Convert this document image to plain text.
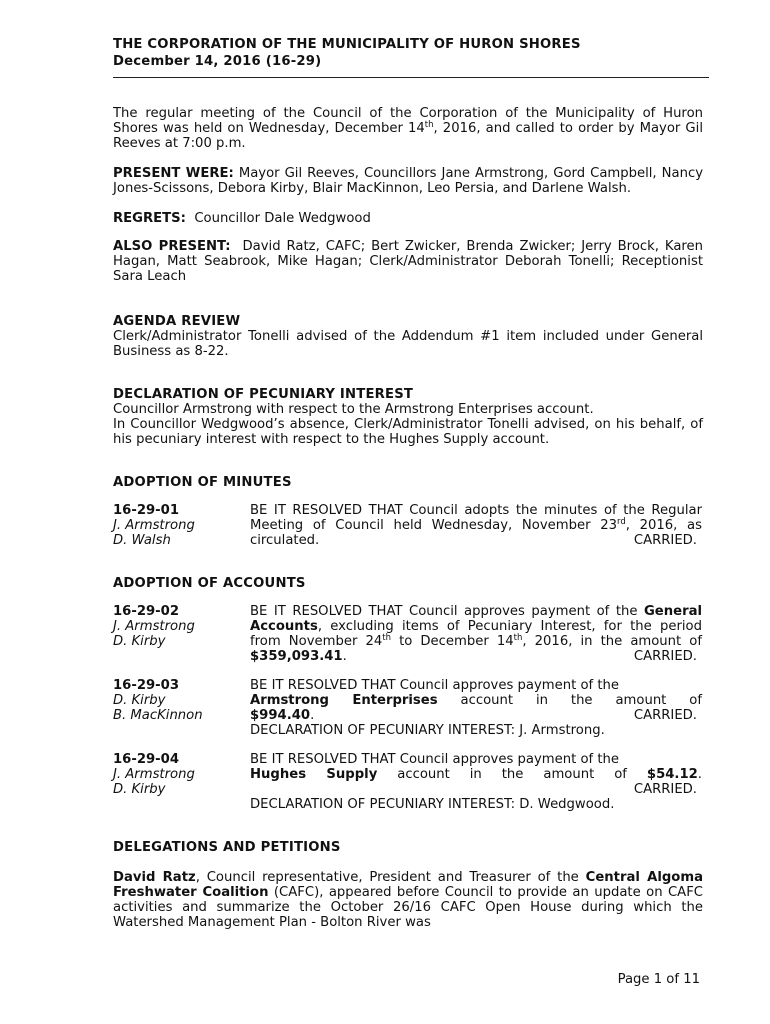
THE CORPORATION OF THE MUNICIPALITY OF HURON SHORES
December 14, 2016 (16-29)

The regular meeting of the Council of the Corporation of the Municipality of Huron Shores was held on Wednesday, December 14th, 2016, and called to order by Mayor Gil Reeves at 7:00 p.m.

PRESENT WERE: Mayor Gil Reeves, Councillors Jane Armstrong, Gord Campbell, Nancy Jones-Scissons, Debora Kirby, Blair MacKinnon, Leo Persia, and Darlene Walsh.

REGRETS: Councillor Dale Wedgwood

ALSO PRESENT: David Ratz, CAFC; Bert Zwicker, Brenda Zwicker; Jerry Brock, Karen Hagan, Matt Seabrook, Mike Hagan; Clerk/Administrator Deborah Tonelli; Receptionist Sara Leach

AGENDA REVIEW

Clerk/Administrator Tonelli advised of the Addendum #1 item included under General Business as 8-22.

DECLARATION OF PECUNIARY INTEREST

Councillor Armstrong with respect to the Armstrong Enterprises account.

In Councillor Wedgwood’s absence, Clerk/Administrator Tonelli advised, on his behalf, of his pecuniary interest with respect to the Hughes Supply account.

ADOPTION OF MINUTES
16-29-01
J. Armstrong
D. Walsh
BE IT RESOLVED THAT Council adopts the minutes of the Regular Meeting of Council held Wednesday, November 23rd, 2016, as circulated.	CARRIED.
ADOPTION OF ACCOUNTS
16-29-02
J. Armstrong
D. Kirby
BE IT RESOLVED THAT Council approves payment of the General Accounts, excluding items of Pecuniary Interest, for the period from November 24th to December 14th, 2016, in the amount of $359,093.41.	CARRIED.
16-29-03
D. Kirby
B. MacKinnon
BE IT RESOLVED THAT Council approves payment of the
Armstrong Enterprises account in the amount of
$994.40.	CARRIED.
DECLARATION OF PECUNIARY INTEREST: J. Armstrong.
16-29-04
J. Armstrong
D. Kirby
BE IT RESOLVED THAT Council approves payment of the
Hughes Supply account in the amount of $54.12.
CARRIED.
DECLARATION OF PECUNIARY INTEREST: D. Wedgwood.
DELEGATIONS AND PETITIONS

David Ratz, Council representative, President and Treasurer of the Central Algoma Freshwater Coalition (CAFC), appeared before Council to provide an update on CAFC activities and summarize the October 26/16 CAFC Open House during which the Watershed Management Plan - Bolton River was

Page 1 of 11
